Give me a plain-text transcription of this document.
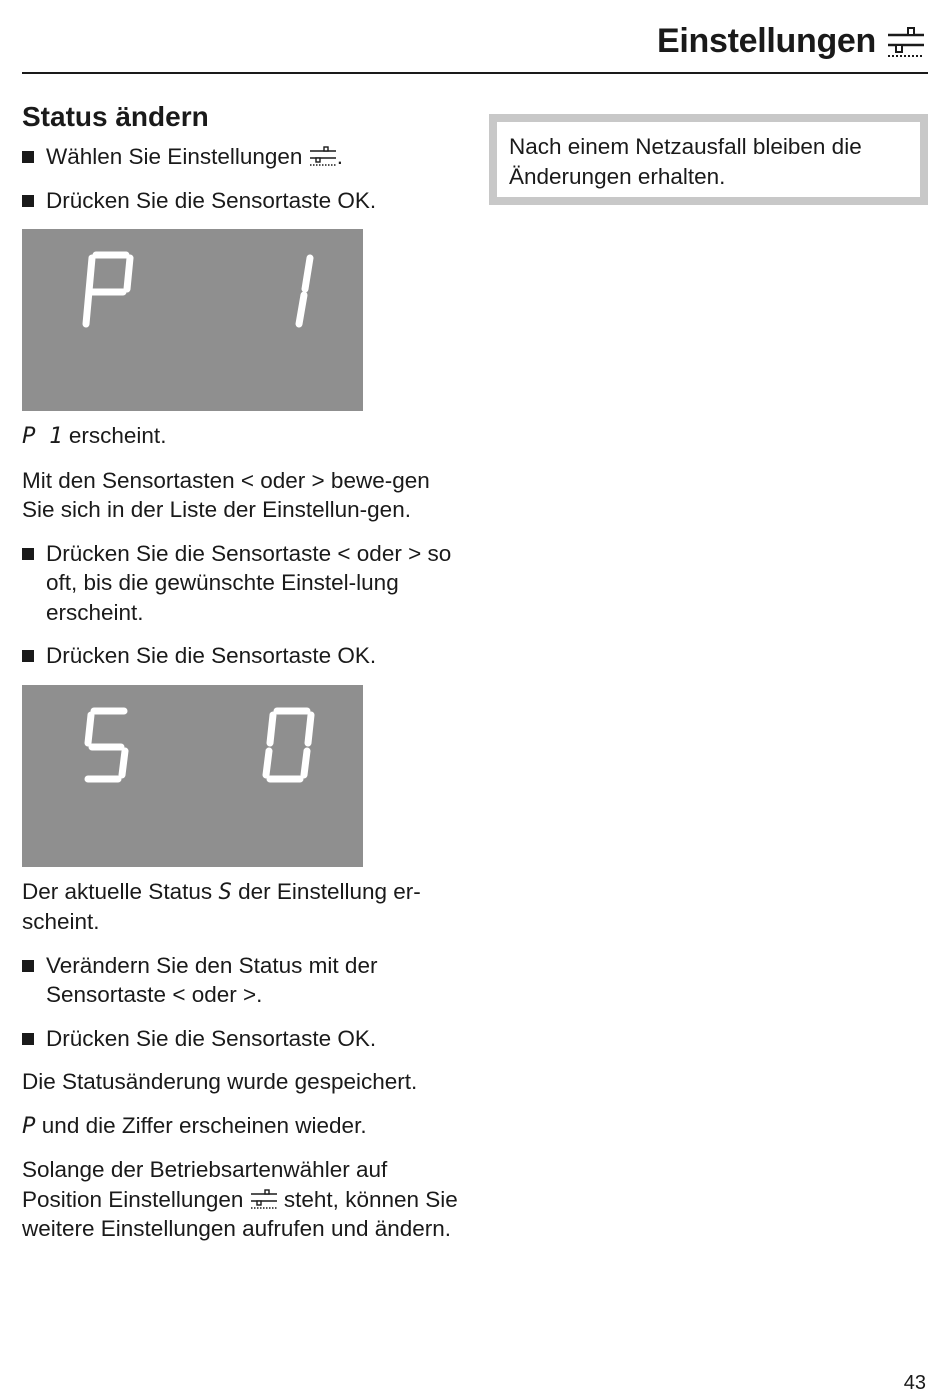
Einstellungen
Status ändern
Wählen Sie Einstellungen .
Drücken Sie die Sensortaste OK.
P 1 erscheint.
Mit den Sensortasten < oder > bewe-gen Sie sich in der Liste der Einstellun-gen.
Drücken Sie die Sensortaste < oder > so oft, bis die gewünschte Einstel-lung erscheint.
Drücken Sie die Sensortaste OK.
Der aktuelle Status S der Einstellung er-scheint.
Verändern Sie den Status mit der Sensortaste < oder >.
Drücken Sie die Sensortaste OK.
Die Statusänderung wurde gespeichert.
P und die Ziffer erscheinen wieder.
Solange der Betriebsartenwähler auf Position Einstellungen  steht, können Sie weitere Einstellungen aufrufen und ändern.
Nach einem Netzausfall bleiben die Änderungen erhalten.
43
